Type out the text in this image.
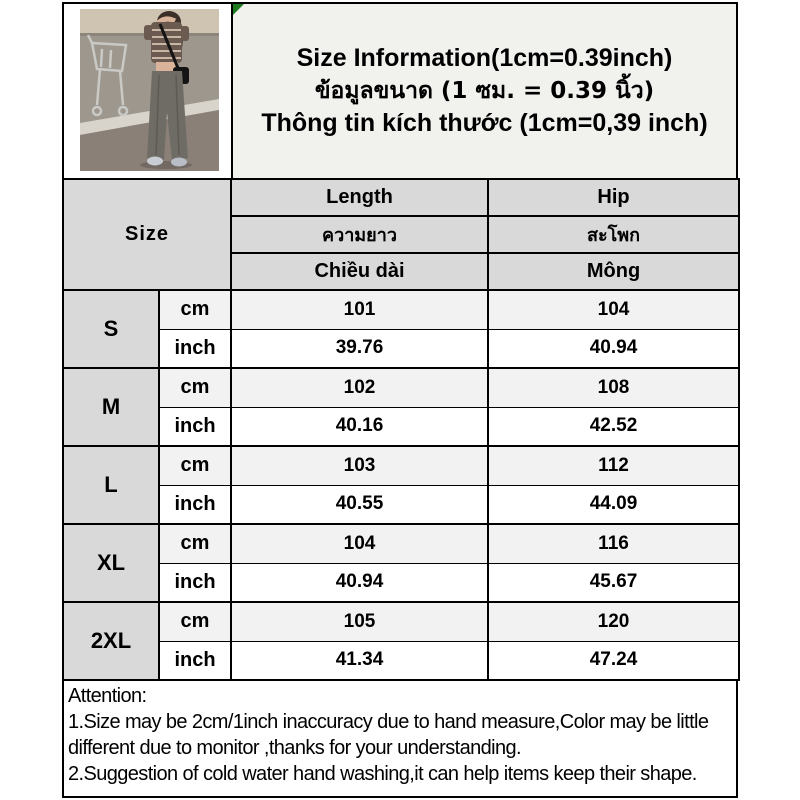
Size Information(1cm=0.39inch)
ข้อมูลขนาด (1 ซม. = 0.39 นิ้ว)
Thông tin kích thước (1cm=0,39 inch)
Size		Length	Hip
		ความยาว	สะโพก
		Chiều dài	Mông
S	cm	101	104
	inch	39.76	40.94
M	cm	102	108
	inch	40.16	42.52
L	cm	103	112
	inch	40.55	44.09
XL	cm	104	116
	inch	40.94	45.67
2XL	cm	105	120
	inch	41.34	47.24
Attention:
1.Size may be 2cm/1inch inaccuracy due to hand measure,Color may be little different due to monitor ,thanks for your understanding.
2.Suggestion of cold water hand washing,it can help items keep their shape.
